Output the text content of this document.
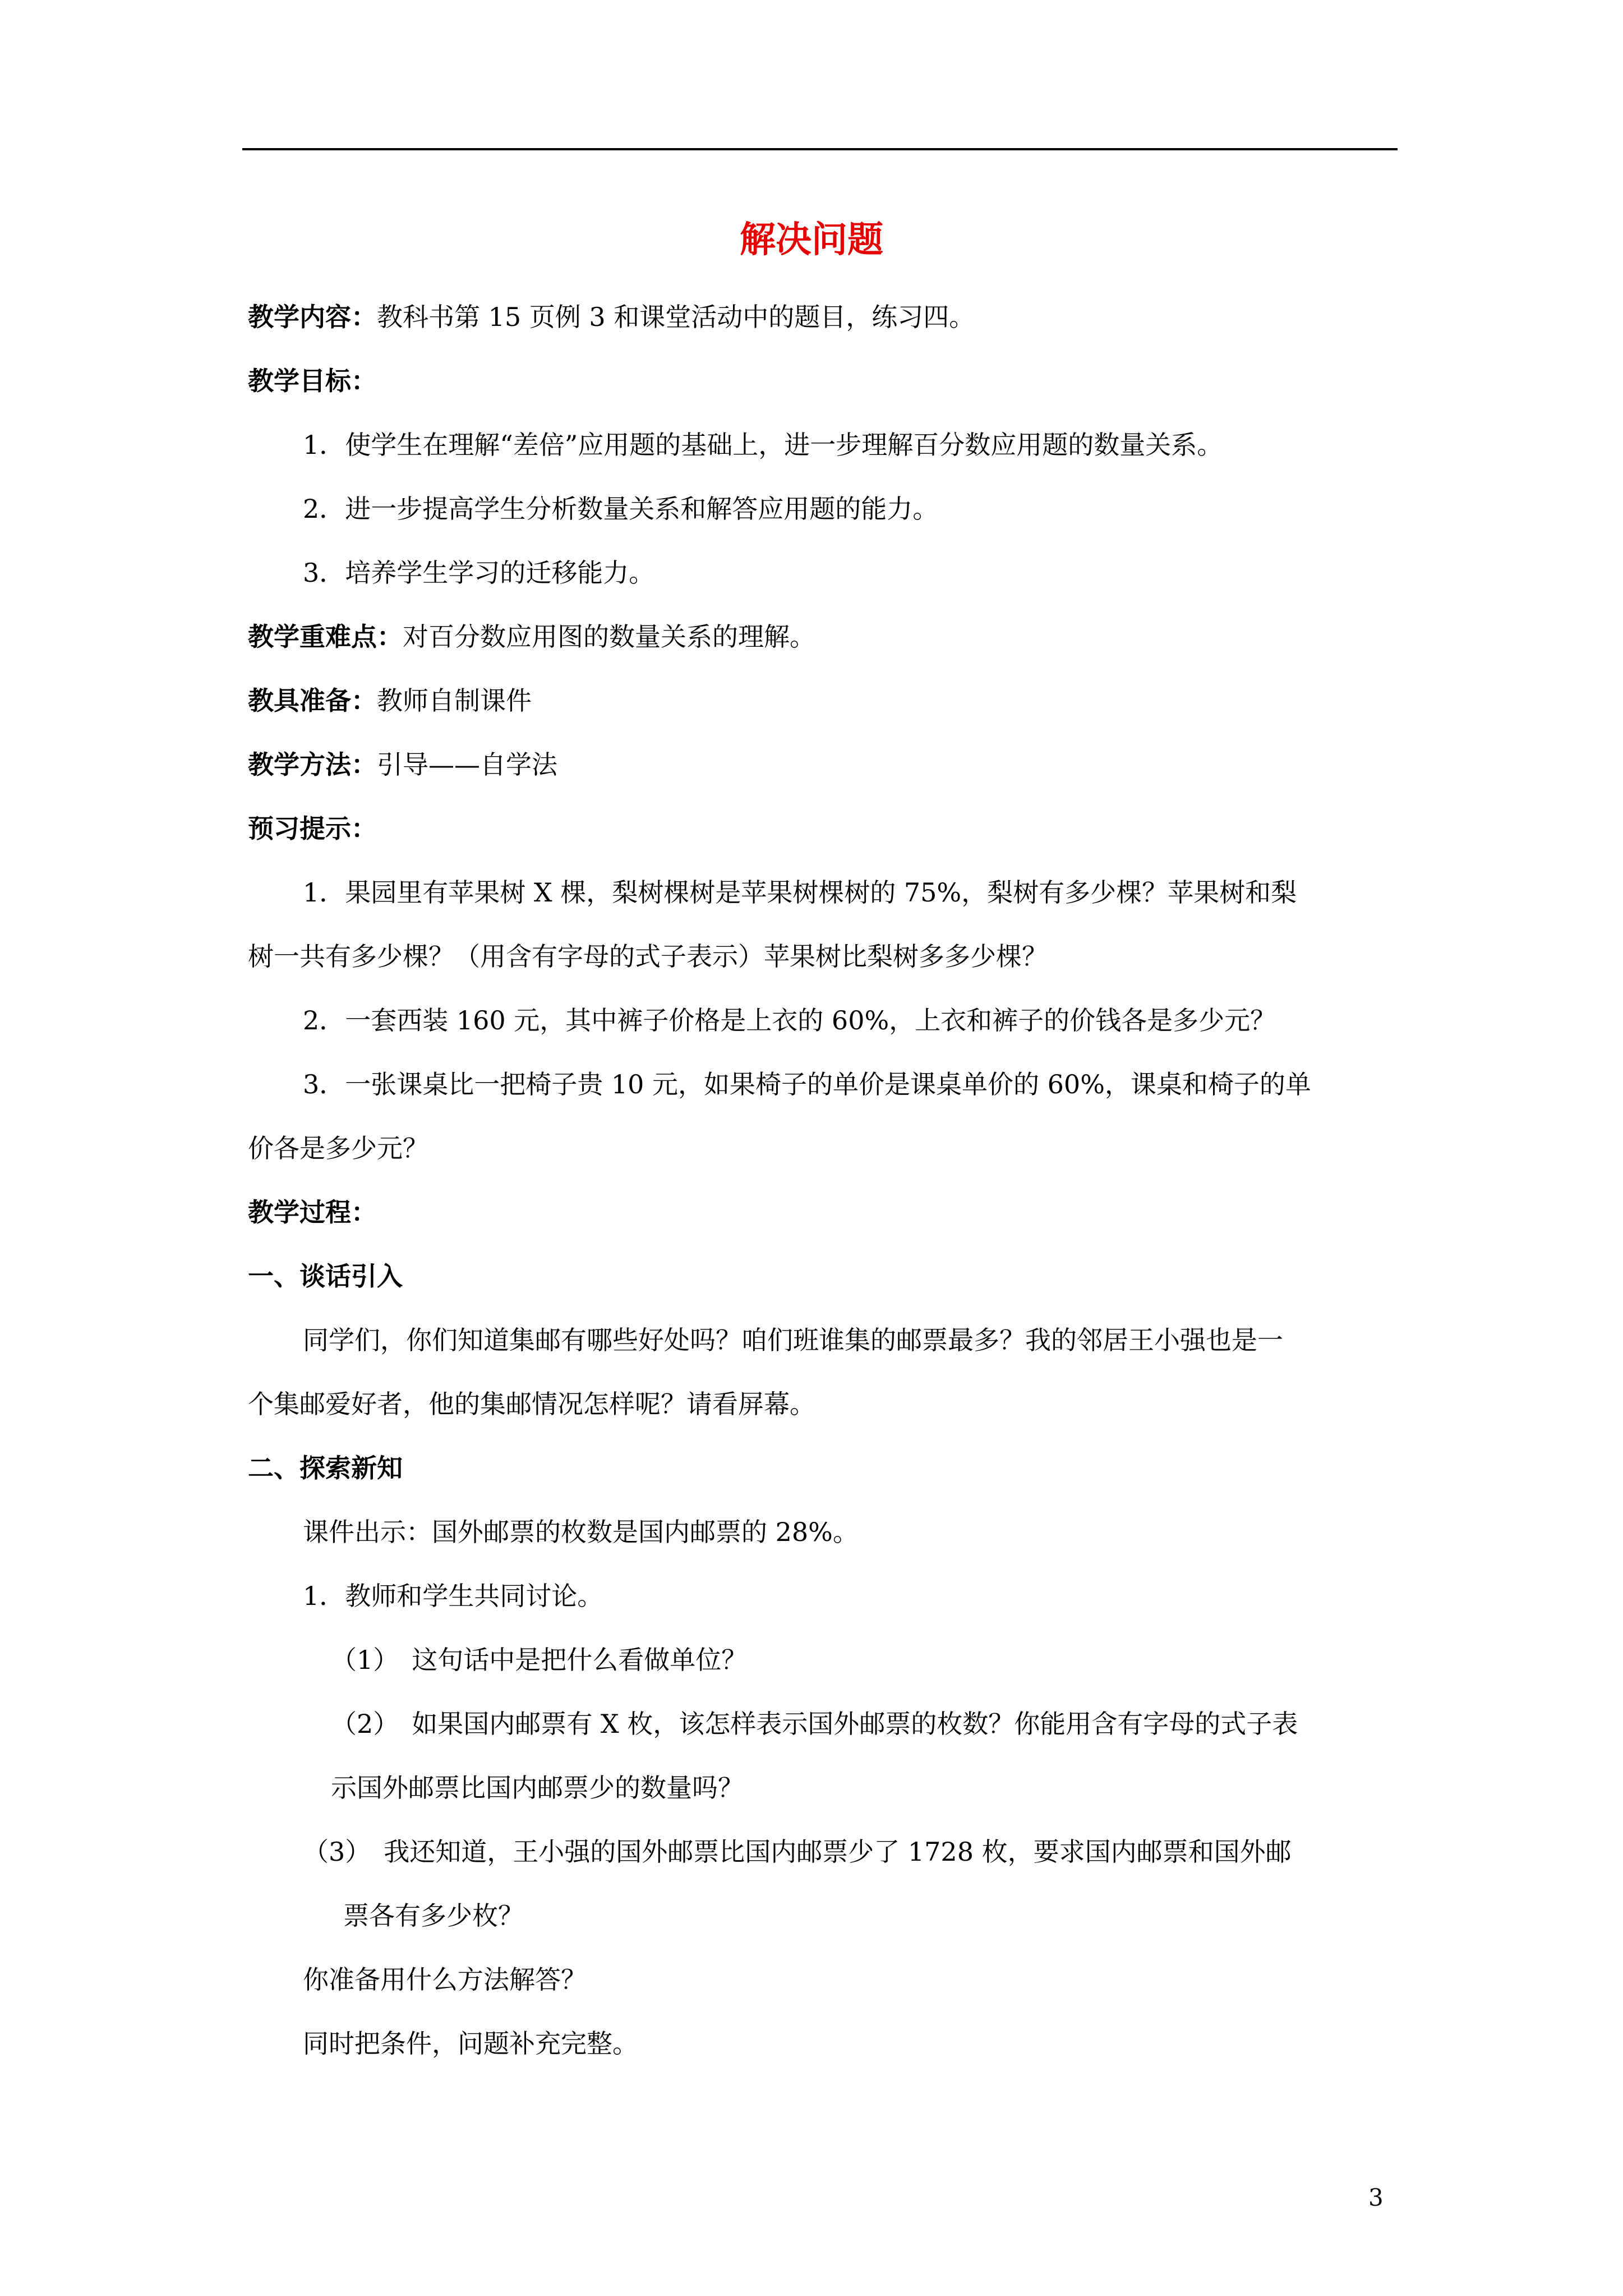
解决问题
教学内容：教科书第 15 页例 3 和课堂活动中的题目，练习四。
教学目标：
1．使学生在理解“差倍”应用题的基础上，进一步理解百分数应用题的数量关系。
2．进一步提高学生分析数量关系和解答应用题的能力。
3．培养学生学习的迁移能力。
教学重难点：对百分数应用图的数量关系的理解。
教具准备：教师自制课件
教学方法：引导——自学法
预习提示：
1．果园里有苹果树 X 棵，梨树棵树是苹果树棵树的 75%，梨树有多少棵？苹果树和梨
树一共有多少棵？（用含有字母的式子表示）苹果树比梨树多多少棵？
2．一套西装 160 元，其中裤子价格是上衣的 60%，上衣和裤子的价钱各是多少元？
3．一张课桌比一把椅子贵 10 元，如果椅子的单价是课桌单价的 60%，课桌和椅子的单
价各是多少元？
教学过程：
一、谈话引入
同学们，你们知道集邮有哪些好处吗？咱们班谁集的邮票最多？我的邻居王小强也是一
个集邮爱好者，他的集邮情况怎样呢？请看屏幕。
二、探索新知
课件出示：国外邮票的枚数是国内邮票的 28%。
1．教师和学生共同讨论。
（1）　这句话中是把什么看做单位？
（2）　如果国内邮票有 X 枚，该怎样表示国外邮票的枚数？你能用含有字母的式子表
示国外邮票比国内邮票少的数量吗？
（3）　我还知道，王小强的国外邮票比国内邮票少了 1728 枚，要求国内邮票和国外邮
票各有多少枚？
你准备用什么方法解答？
同时把条件，问题补充完整。
3
